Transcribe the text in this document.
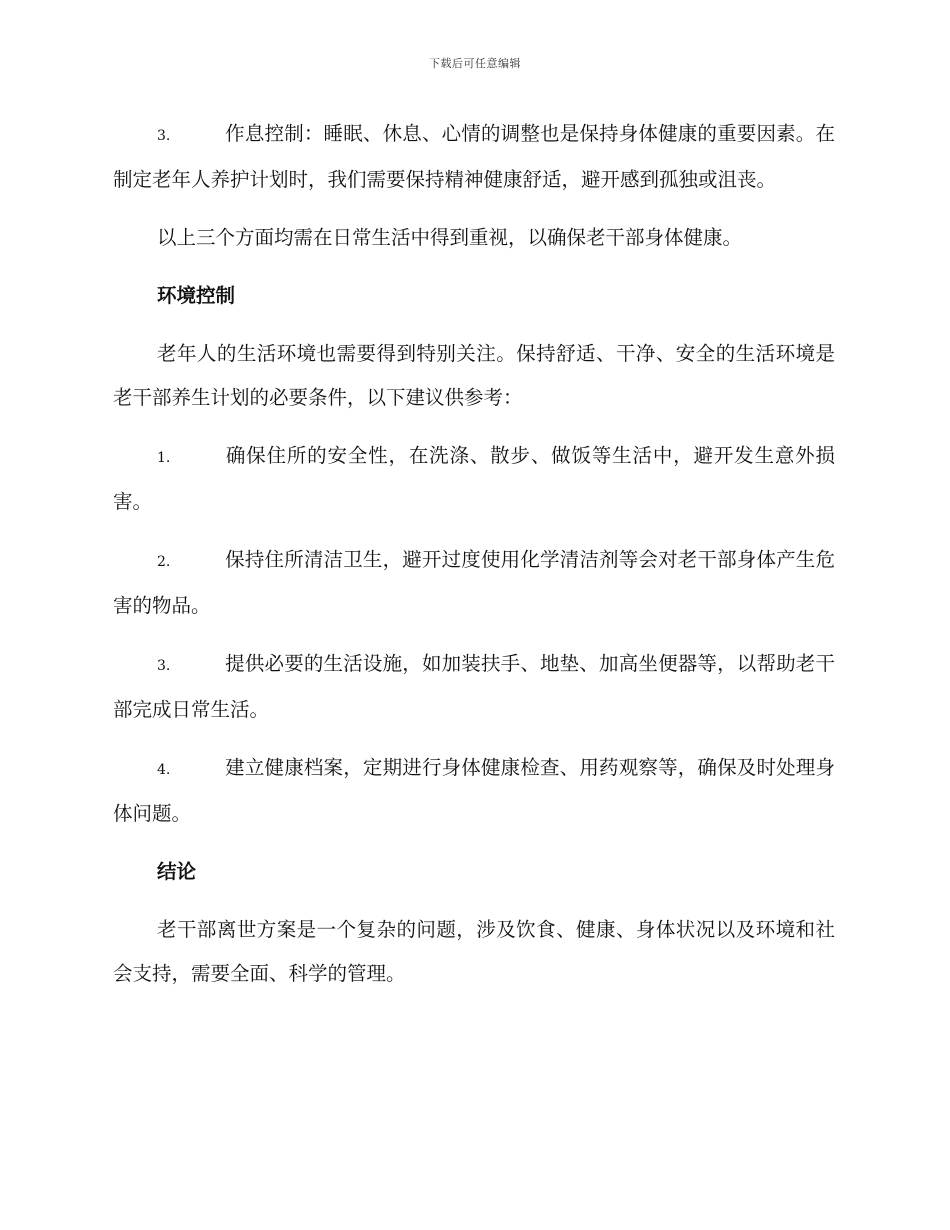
下载后可任意编辑

3.	作息控制：睡眠、休息、心情的调整也是保持身体健康的重要因素。在制定老年人养护计划时，我们需要保持精神健康舒适，避开感到孤独或沮丧。

以上三个方面均需在日常生活中得到重视，以确保老干部身体健康。

环境控制

老年人的生活环境也需要得到特别关注。保持舒适、干净、安全的生活环境是老干部养生计划的必要条件，以下建议供参考：

1.	确保住所的安全性，在洗涤、散步、做饭等生活中，避开发生意外损害。

2.	保持住所清洁卫生，避开过度使用化学清洁剂等会对老干部身体产生危害的物品。

3.	提供必要的生活设施，如加装扶手、地垫、加高坐便器等，以帮助老干部完成日常生活。

4.	建立健康档案，定期进行身体健康检查、用药观察等，确保及时处理身体问题。

结论

老干部离世方案是一个复杂的问题，涉及饮食、健康、身体状况以及环境和社会支持，需要全面、科学的管理。
